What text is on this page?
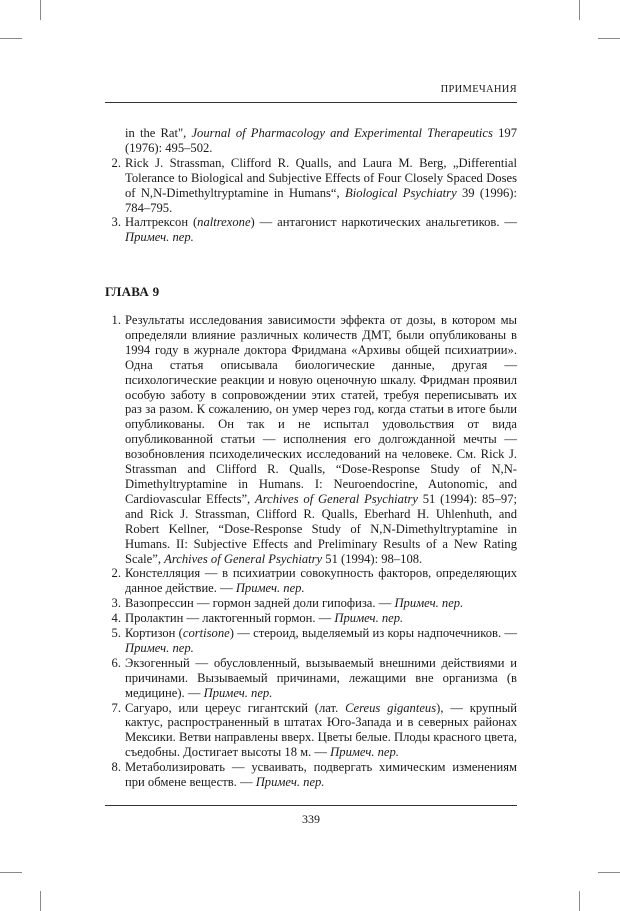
ПРИМЕЧАНИЯ
in the Rat", Journal of Pharmacology and Experimental Therapeutics 197 (1976): 495–502.
2. Rick J. Strassman, Clifford R. Qualls, and Laura M. Berg, „Differential Tolerance to Biological and Subjective Effects of Four Closely Spaced Doses of N,N-Dimethyltryptamine in Humans“, Biological Psychiatry 39 (1996): 784–795.
3. Налтрексон (naltrexone) — антагонист наркотических анальгетиков. — Примеч. пер.
ГЛАВА 9
1. Результаты исследования зависимости эффекта от дозы, в котором мы определяли влияние различных количеств ДМТ, были опубликованы в 1994 году в журнале доктора Фридмана «Архивы общей психиатрии». Одна статья описывала биологические данные, другая — психологические реакции и новую оценочную шкалу. Фридман проявил особую заботу в сопровождении этих статей, требуя переписывать их раз за разом. К сожалению, он умер через год, когда статьи в итоге были опубликованы. Он так и не испытал удовольствия от вида опубликованной статьи — исполнения его долгожданной мечты — возобновления психоделических исследований на человеке. См. Rick J. Strassman and Clifford R. Qualls, “Dose-Response Study of N,N-Dimethyltryptamine in Humans. I: Neuroendocrine, Autonomic, and Cardiovascular Effects”, Archives of General Psychiatry 51 (1994): 85–97; and Rick J. Strassman, Clifford R. Qualls, Eberhard H. Uhlenhuth, and Robert Kellner, “Dose-Response Study of N,N-Dimethyltryptamine in Humans. II: Subjective Effects and Preliminary Results of a New Rating Scale”, Archives of General Psychiatry 51 (1994): 98–108.
2. Констелляция — в психиатрии совокупность факторов, определяющих данное действие. — Примеч. пер.
3. Вазопрессин — гормон задней доли гипофиза. — Примеч. пер.
4. Пролактин — лактогенный гормон. — Примеч. пер.
5. Кортизон (cortisone) — стероид, выделяемый из коры надпочечников. — Примеч. пер.
6. Экзогенный — обусловленный, вызываемый внешними действиями и причинами. Вызываемый причинами, лежащими вне организма (в медицине). — Примеч. пер.
7. Сагуаро, или цереус гигантский (лат. Cereus giganteus), — крупный кактус, распространенный в штатах Юго-Запада и в северных районах Мексики. Ветви направлены вверх. Цветы белые. Плоды красного цвета, съедобны. Достигает высоты 18 м. — Примеч. пер.
8. Метаболизировать — усваивать, подвергать химическим изменениям при обмене веществ. — Примеч. пер.
339
